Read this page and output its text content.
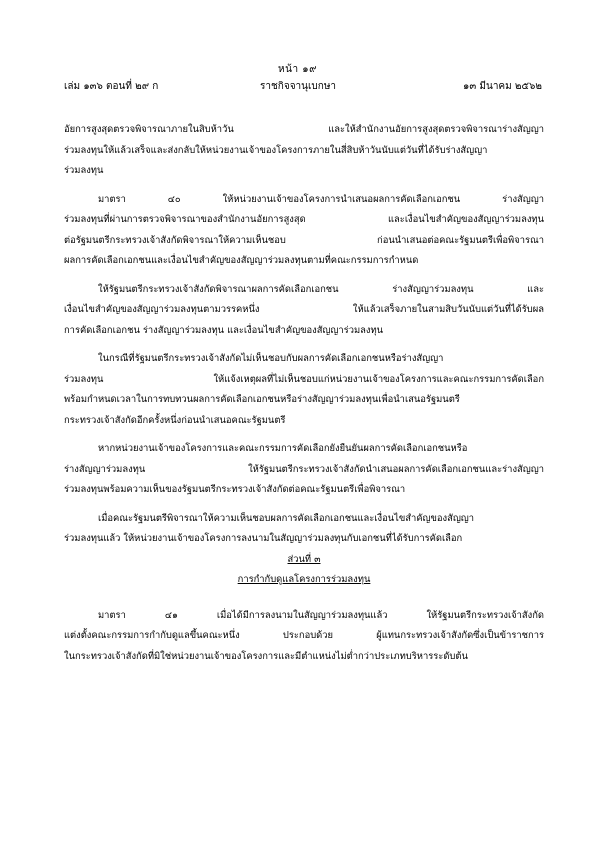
หน้า ๑๙
เล่ม ๑๓๖ ตอนที่ ๒๙ ก	ราชกิจจานุเบกษา	๑๓ มีนาคม ๒๕๖๒
อัยการสูงสุดตรวจพิจารณาภายในสิบห้าวัน และให้สำนักงานอัยการสูงสุดตรวจพิจารณาร่างสัญญา
ร่วมลงทุนให้แล้วเสร็จและส่งกลับให้หน่วยงานเจ้าของโครงการภายในสี่สิบห้าวันนับแต่วันที่ได้รับร่างสัญญา
ร่วมลงทุน
มาตรา ๔๐ ให้หน่วยงานเจ้าของโครงการนำเสนอผลการคัดเลือกเอกชน ร่างสัญญา
ร่วมลงทุนที่ผ่านการตรวจพิจารณาของสำนักงานอัยการสูงสุด และเงื่อนไขสำคัญของสัญญาร่วมลงทุน
ต่อรัฐมนตรีกระทรวงเจ้าสังกัดพิจารณาให้ความเห็นชอบ ก่อนนำเสนอต่อคณะรัฐมนตรีเพื่อพิจารณา
ผลการคัดเลือกเอกชนและเงื่อนไขสำคัญของสัญญาร่วมลงทุนตามที่คณะกรรมการกำหนด
ให้รัฐมนตรีกระทรวงเจ้าสังกัดพิจารณาผลการคัดเลือกเอกชน ร่างสัญญาร่วมลงทุน และ
เงื่อนไขสำคัญของสัญญาร่วมลงทุนตามวรรคหนึ่ง ให้แล้วเสร็จภายในสามสิบวันนับแต่วันที่ได้รับผล
การคัดเลือกเอกชน ร่างสัญญาร่วมลงทุน และเงื่อนไขสำคัญของสัญญาร่วมลงทุน
ในกรณีที่รัฐมนตรีกระทรวงเจ้าสังกัดไม่เห็นชอบกับผลการคัดเลือกเอกชนหรือร่างสัญญา
ร่วมลงทุน ให้แจ้งเหตุผลที่ไม่เห็นชอบแก่หน่วยงานเจ้าของโครงการและคณะกรรมการคัดเลือก
พร้อมกำหนดเวลาในการทบทวนผลการคัดเลือกเอกชนหรือร่างสัญญาร่วมลงทุนเพื่อนำเสนอรัฐมนตรี
กระทรวงเจ้าสังกัดอีกครั้งหนึ่งก่อนนำเสนอคณะรัฐมนตรี
หากหน่วยงานเจ้าของโครงการและคณะกรรมการคัดเลือกยังยืนยันผลการคัดเลือกเอกชนหรือ
ร่างสัญญาร่วมลงทุน ให้รัฐมนตรีกระทรวงเจ้าสังกัดนำเสนอผลการคัดเลือกเอกชนและร่างสัญญา
ร่วมลงทุนพร้อมความเห็นของรัฐมนตรีกระทรวงเจ้าสังกัดต่อคณะรัฐมนตรีเพื่อพิจารณา
เมื่อคณะรัฐมนตรีพิจารณาให้ความเห็นชอบผลการคัดเลือกเอกชนและเงื่อนไขสำคัญของสัญญา
ร่วมลงทุนแล้ว ให้หน่วยงานเจ้าของโครงการลงนามในสัญญาร่วมลงทุนกับเอกชนที่ได้รับการคัดเลือก
ส่วนที่ ๓
การกำกับดูแลโครงการร่วมลงทุน
มาตรา ๔๑ เมื่อได้มีการลงนามในสัญญาร่วมลงทุนแล้ว ให้รัฐมนตรีกระทรวงเจ้าสังกัด
แต่งตั้งคณะกรรมการกำกับดูแลขึ้นคณะหนึ่ง ประกอบด้วย ผู้แทนกระทรวงเจ้าสังกัดซึ่งเป็นข้าราชการ
ในกระทรวงเจ้าสังกัดที่มิใช่หน่วยงานเจ้าของโครงการและมีตำแหน่งไม่ต่ำกว่าประเภทบริหารระดับต้น
